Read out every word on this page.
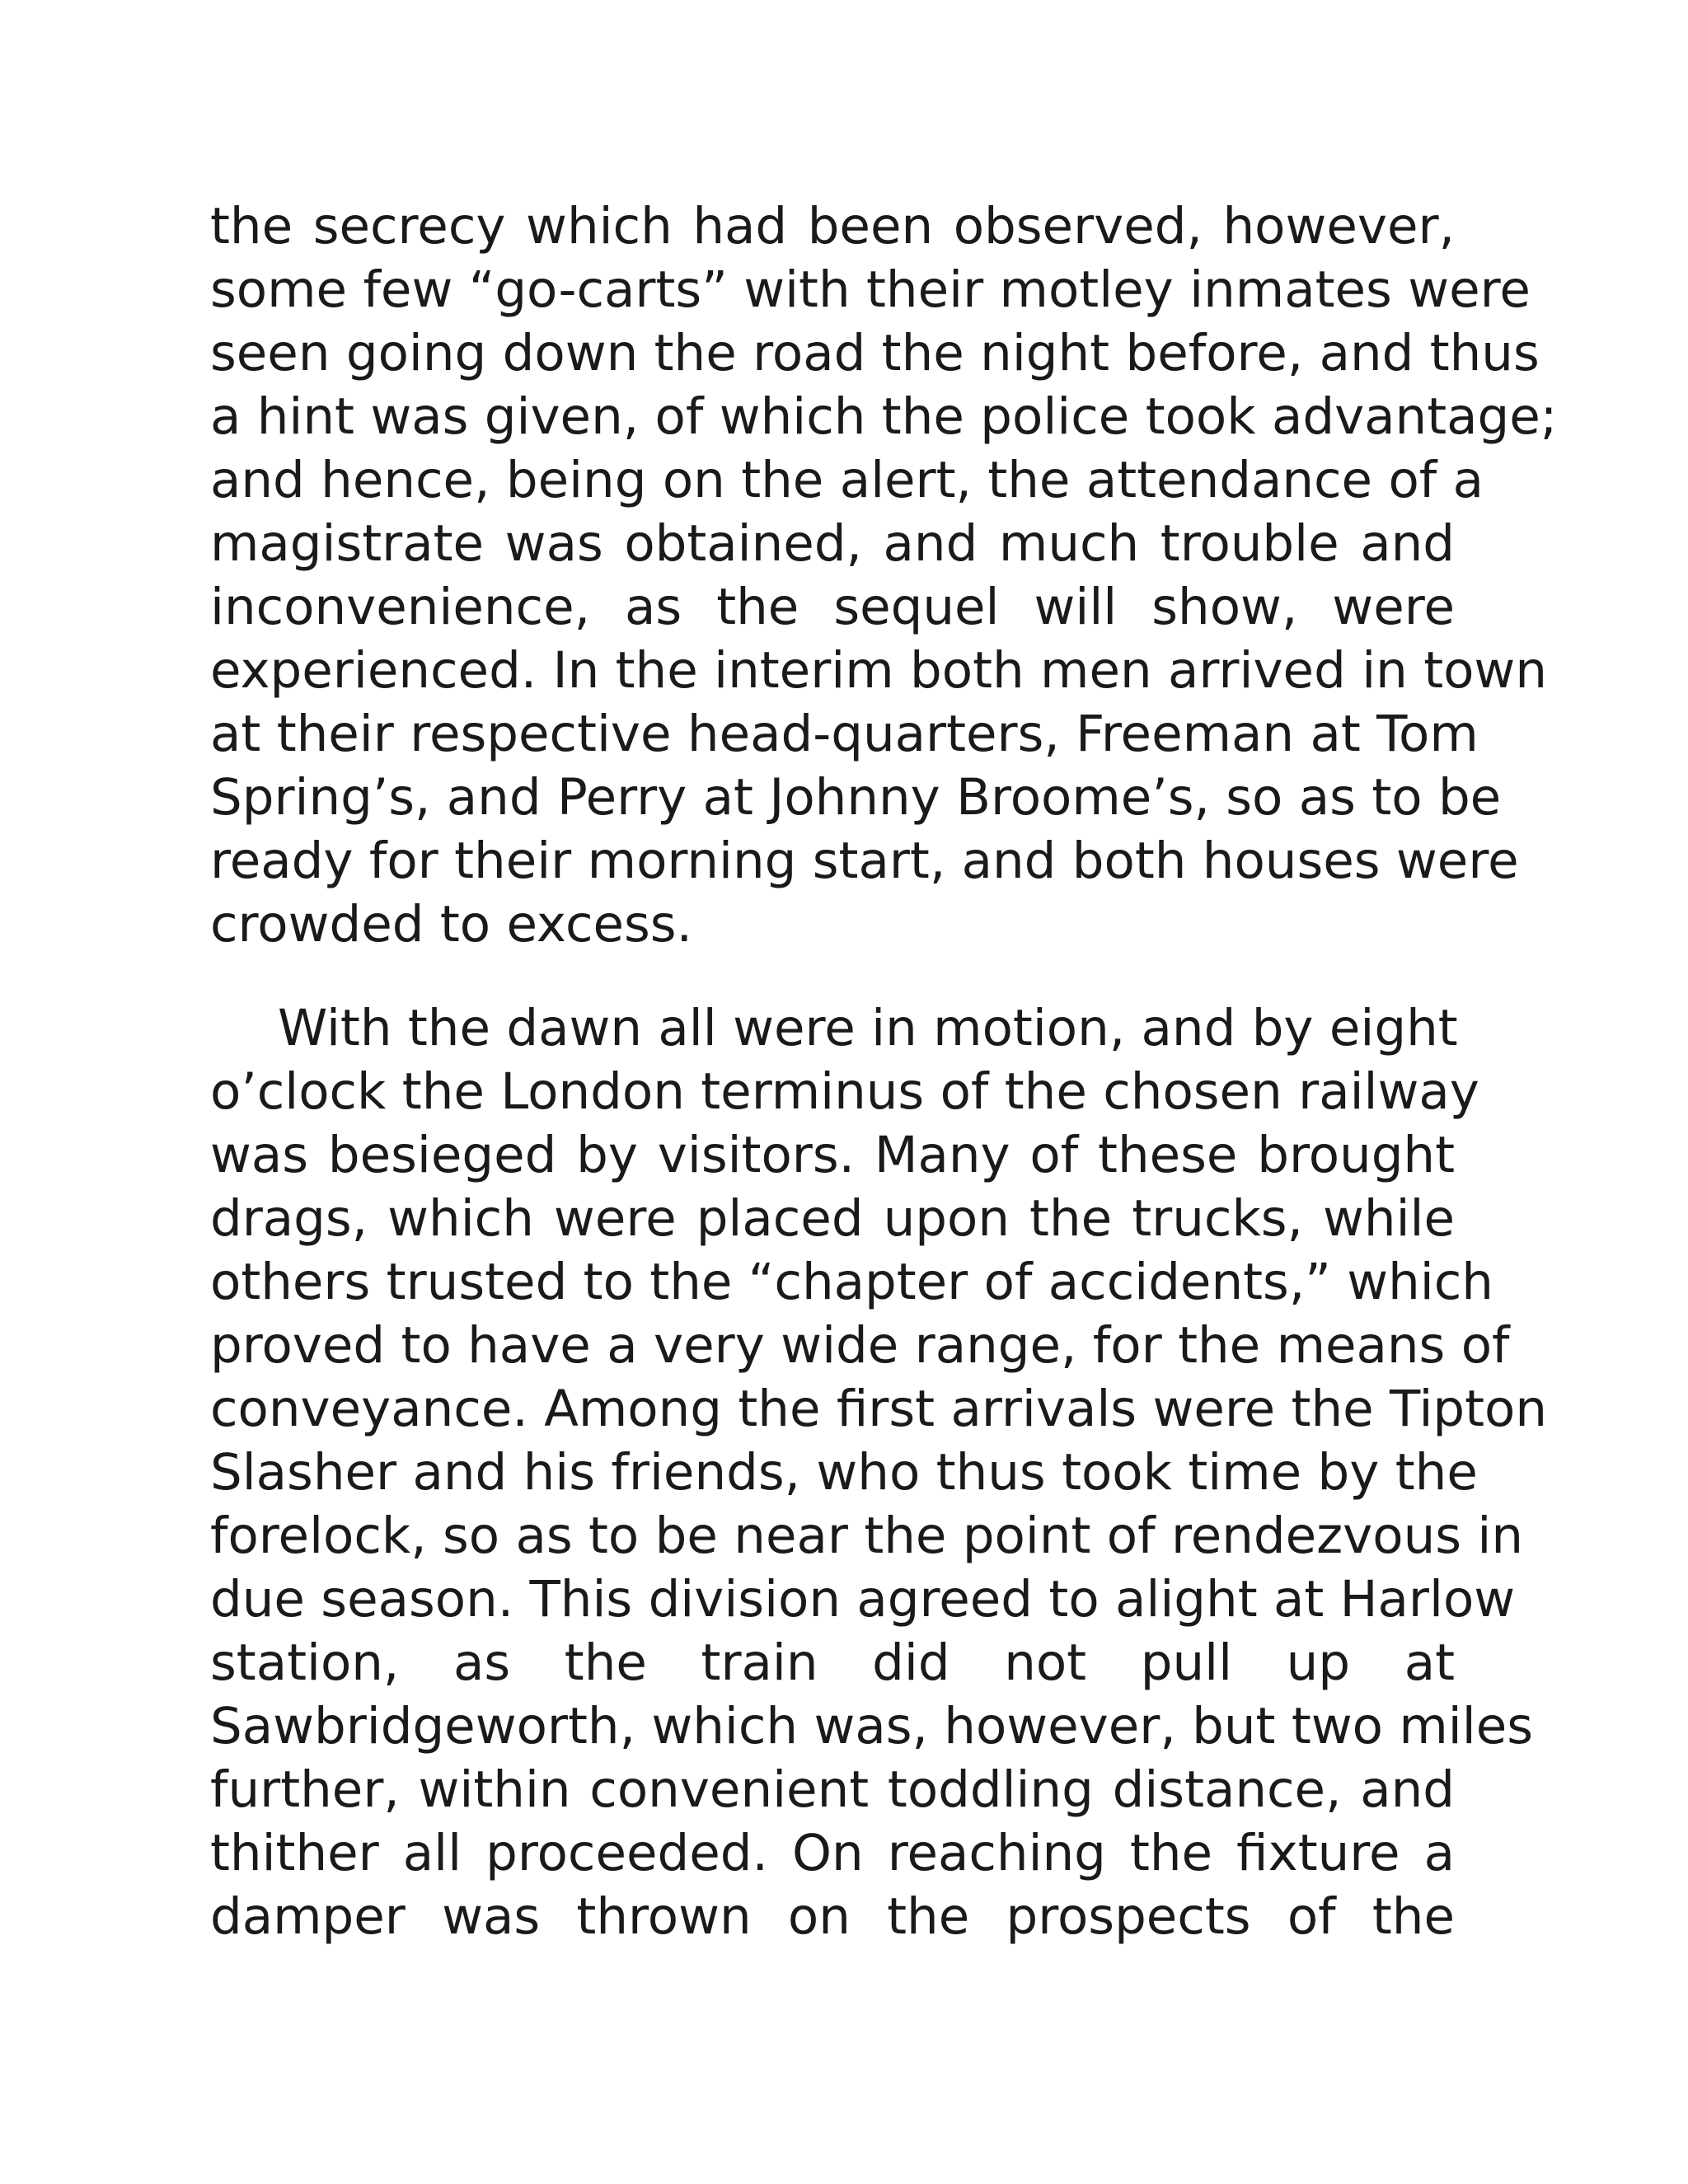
the secrecy which had been observed, however,
some few “go-carts” with their motley inmates were
seen going down the road the night before, and thus
a hint was given, of which the police took advantage;
and hence, being on the alert, the attendance of a
magistrate was obtained, and much trouble and
inconvenience, as the sequel will show, were
experienced. In the interim both men arrived in town
at their respective head-quarters, Freeman at Tom
Spring’s, and Perry at Johnny Broome’s, so as to be
ready for their morning start, and both houses were
crowded to excess.
With the dawn all were in motion, and by eight
o’clock the London terminus of the chosen railway
was besieged by visitors. Many of these brought
drags, which were placed upon the trucks, while
others trusted to the “chapter of accidents,” which
proved to have a very wide range, for the means of
conveyance. Among the first arrivals were the Tipton
Slasher and his friends, who thus took time by the
forelock, so as to be near the point of rendezvous in
due season. This division agreed to alight at Harlow
station, as the train did not pull up at
Sawbridgeworth, which was, however, but two miles
further, within convenient toddling distance, and
thither all proceeded. On reaching the fixture a
damper was thrown on the prospects of the
